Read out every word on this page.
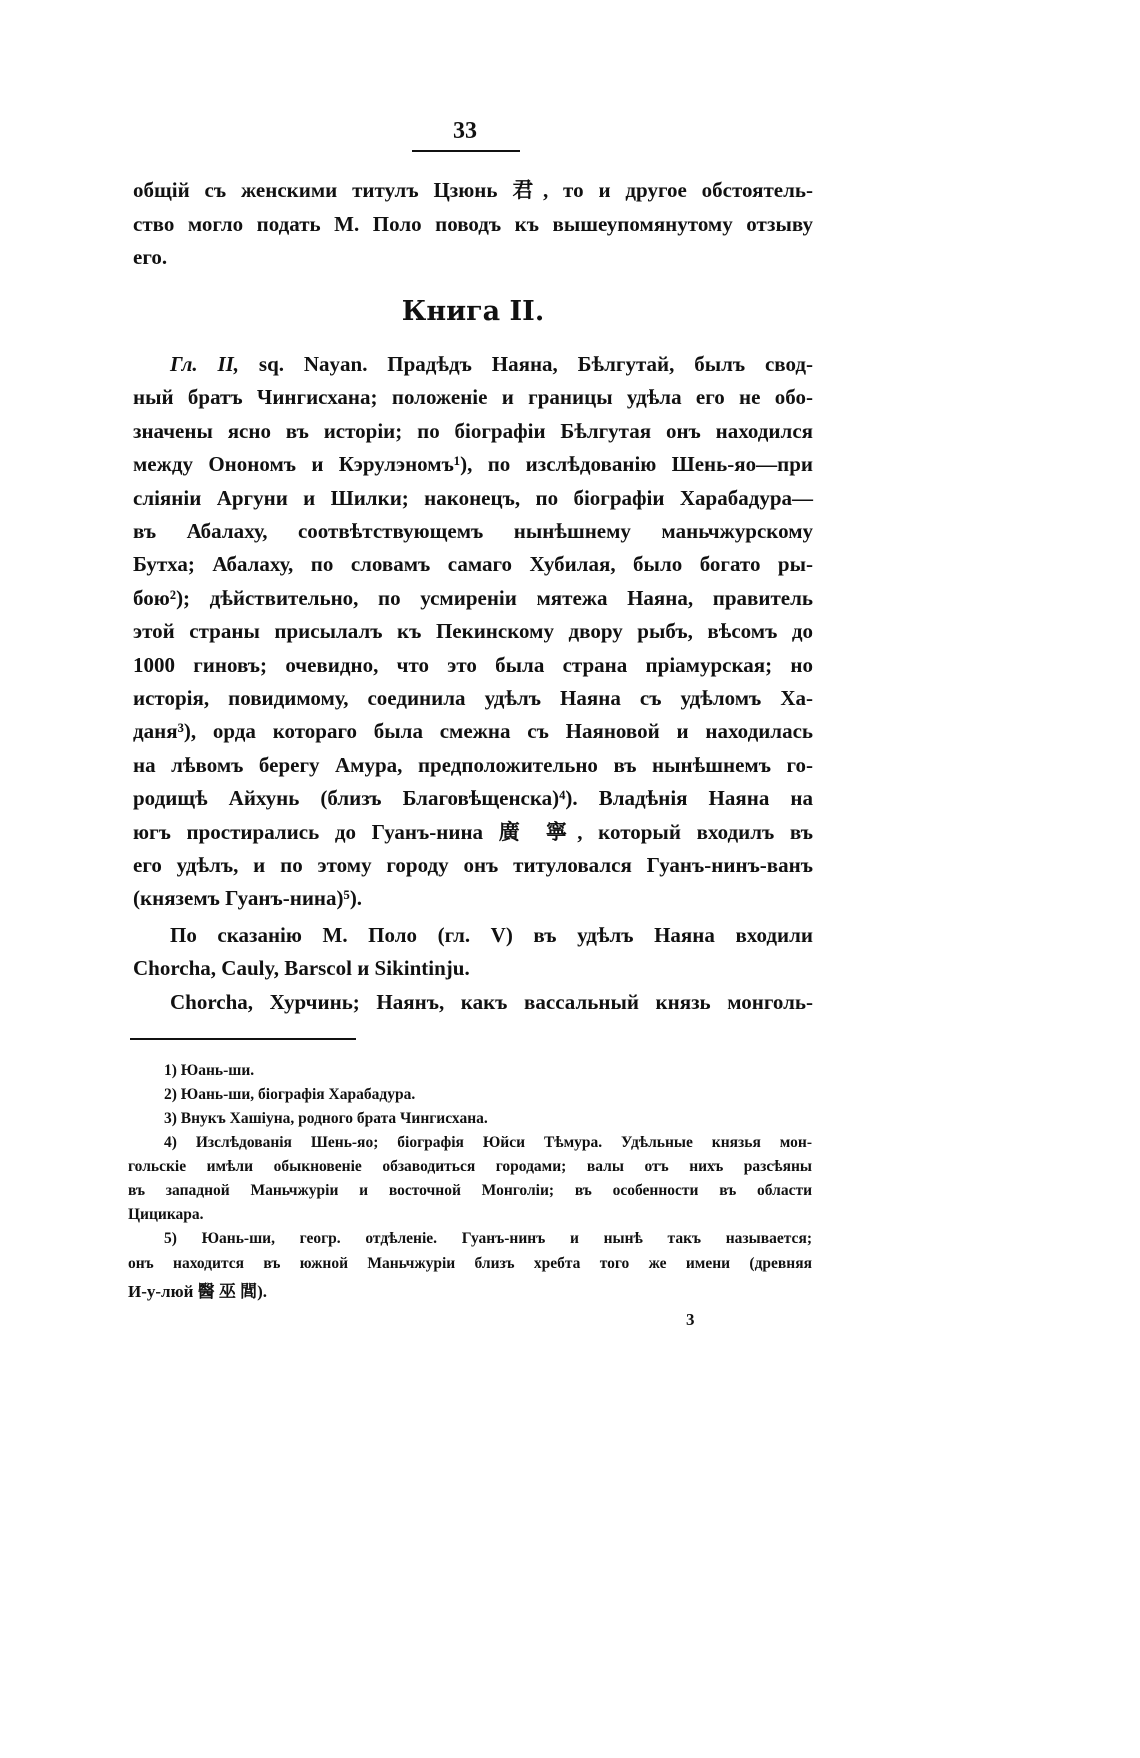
33
общій съ женскими титулъ Цзюнь 君, то и другое обстоятель-
ство могло подать М. Поло поводъ къ вышеупомянутому отзыву
его.
Книга II.
Гл. II, sq. Nayan. Прадѣдъ Наяна, Бѣлгутай, былъ свод-
ный братъ Чингисхана; положеніе и границы удѣла его не обо-
значены ясно въ исторіи; по біографіи Бѣлгутая онъ находился
между Онономъ и Кэрулэномъ¹), по изслѣдованію Шень-яо—при
сліяніи Аргуни и Шилки; наконецъ, по біографіи Харабадура—
въ Абалаху, соотвѣтствующемъ нынѣшнему маньчжурскому
Бутха; Абалаху, по словамъ самаго Хубилая, было богато ры-
бою²); дѣйствительно, по усмиреніи мятежа Наяна, правитель
этой страны присылалъ къ Пекинскому двору рыбъ, вѣсомъ до
1000 гиновъ; очевидно, что это была страна пріамурская; но
исторія, повидимому, соединила удѣлъ Наяна съ удѣломъ Ха-
даня³), орда котораго была смежна съ Наяновой и находилась
на лѣвомъ берегу Амура, предположительно въ нынѣшнемъ го-
родищѣ Айхунь (близъ Благовѣщенска)⁴). Владѣнія Наяна на
югъ простирались до Гуанъ-нина 廣 寧, который входилъ въ
его удѣлъ, и по этому городу онъ титуловался Гуанъ-нинъ-ванъ
(княземъ Гуанъ-нина)⁵).
По сказанію М. Поло (гл. V) въ удѣлъ Наяна входили
Chorcha, Cauly, Barscol и Sikintinju.
Chorcha, Хурчинь; Наянъ, какъ вассальный князь монголь-
1) Юань-ши.
2) Юань-ши, біографія Харабадура.
3) Внукъ Хашіуна, родного брата Чингисхана.
4) Изслѣдованія Шень-яо; біографія Юйси Тѣмура. Удѣльные князья мон-
гольскіе имѣли обыкновеніе обзаводиться городами; валы отъ нихъ разсѣяны
въ западной Маньчжуріи и восточной Монголіи; въ особенности въ области
Цицикара.
5) Юань-ши, геогр. отдѣленіе. Гуанъ-нинъ и нынѣ такъ называется;
онъ находится въ южной Маньчжуріи близъ хребта того же имени (древняя
И-у-люй 醫 巫 閭).
3
